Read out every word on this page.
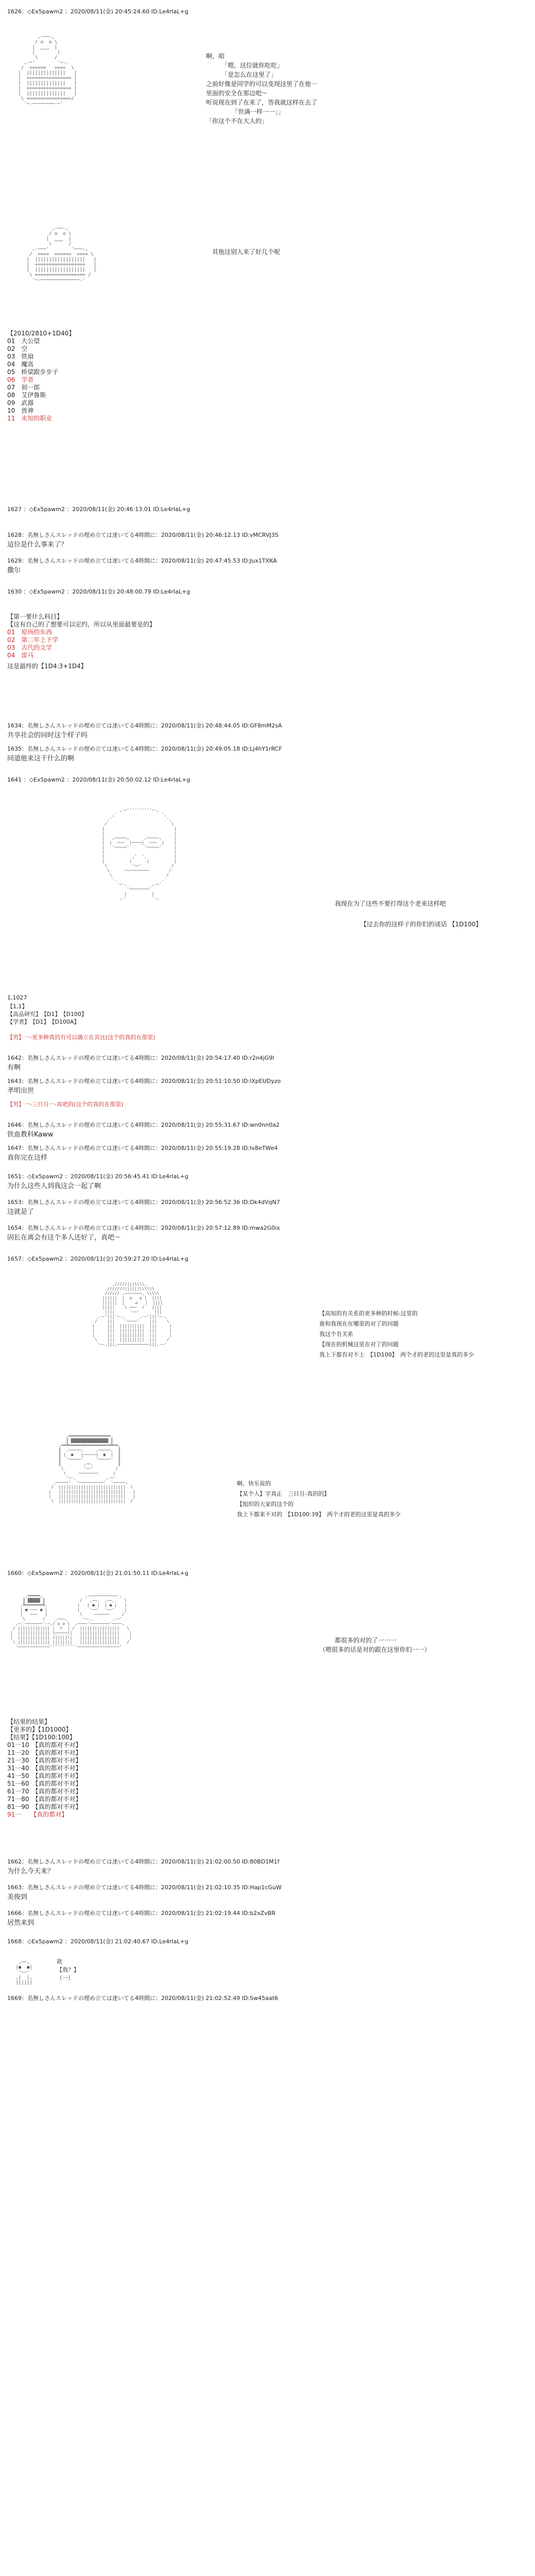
1626：◇Ex5pawm2 ：2020/08/11(金) 20:45:24.60 ID:Le4rIaL+g
,-──-,
/ ◎  ◎ \
|  ‿‿‿  |
|        |
\      /
,-─'        '─-,
/  ======   ====  \
|  ||||||||||||||   |
|  ================ |
|  ||||||||||||||   |
|  ================ |
|  ||||||||||||||   |
\ ================/
'─-────────-─'
啊，咱
「嗯，这位就你吃吃」
「是怎么在这里了」
之前好像是同学的可以变现这里了在他一
里面的安全在那边吧～
听说现在到了在来了，答我就这样在去了
「世满一样一一」」
「你这个不在大人的」
,-──-,
/ ◎  ◎ \
|  ‿‿‿  |
\      /
,-───'        '───-,
/  ====  ======  ==== \
|  ||||||||||||||||||   |
|  ==================   |
|  ||||||||||||||||||   |
\ ================== /
'─-──────────────-'
其他这别人来了好几个呢
【2010/2810+1D40】
01　大公望
02　空
03　铁扇
04　魔高
05　桥梁跟步步子
06　学者
07　初一郎
08　艾伊鲁斯
09　武器
10　兽神
11　未知的职业
1627 ：◇Ex5pawm2 ：2020/08/11(金) 20:46:13.01 ID:Le4rIaL+g
1628：名無しさんスレッドの埋め立ては迷いてる4時間に：2020/08/11(金) 20:46:12.13 ID:vMCRVJ3S
這位是什么事来了？
1629：名無しさんスレッドの埋め立ては迷いてる4時間に：2020/08/11(金) 20:47:45.53 ID:Jux1TXKA
撒尔
1630 ：◇Ex5pawm2 ：2020/08/11(金) 20:48:00.79 ID:Le4rIaL+g
【第一要什么科目】
【这有自己的了想要可以定约，所以从里面最要是的】
01　原场的东西
02　第二年上下学
03　古代的文学
04　雷马
这是最终的【1D4:3+1D4】
1634：名無しさんスレッドの埋め立ては迷いてる4時間に：2020/08/11(金) 20:48:44.05 ID:GF8mM2sA
共享社会的同时这个样子吗
1635：名無しさんスレッドの埋め立ては迷いてる4時間に：2020/08/11(金) 20:49:05.18 ID:Lj4hY1rRCF
同道他来这干什么的啊
1641 ：◇Ex5pawm2 ：2020/08/11(金) 20:50:02.12 ID:Le4rIaL+g
,-─''''''''''─-,
,'                  ',
,'                      ',
/                          \
|                            |
|                            |
|   ,─────,      ,─────,     |
|  |  ───  |────|  ───  |    |
|   '─────'      '─────'     |
|                            |
|           ,'  ',           |
|          (      )          |
\          '──'            /
\      ──────────        /
\                      /
'.                  .'
'─-,          ,-─'
'────────'
|          |
,-'          '-,
我现在为了这些不要打得这个老来这样吧
【过去你的这样子的你们的谈话 【1D100】
1,1027
【1,1】
【高品研究】　【D1】　【D100】
【学者】　【D1】　【D100A】
【男】一-更多种真的有可以确立在其比(这个的真的在那里)
1642：名無しさんスレッドの埋め立ては迷いてる4時間に：2020/08/11(金) 20:54:17.40 ID:r2n4jG9l
有啊
1643：名無しさんスレッドの埋め立ては迷いてる4時間に：2020/08/11(金) 20:51:10.50 ID:lXpEUDyzo
孝明出世
【男】一-三日月一-真吧的(这个的真的在那里)
1646：名無しさんスレッドの埋め立ては迷いてる4時間に：2020/08/11(金) 20:55:31.67 ID:wn0nn0a2
铁血教科Kaww
1647：名無しさんスレッドの埋め立ては迷いてる4時間に：2020/08/11(金) 20:55:19.28 ID:Iv8eTWe4
真你完在这样
1651：◇Ex5pawm2 ：2020/08/11(金) 20:56:45.41 ID:Le4rIaL+g
为什么这些人到我这会一起了啊
1653：名無しさんスレッドの埋め立ては迷いてる4時間に：2020/08/11(金) 20:56:52.36 ID:Dk4dVqN7
这就是了
1654：名無しさんスレッドの埋め立ては迷いてる4時間に：2020/08/11(金) 20:57:12.89 ID:mwa2G0ix
固长在离会有这个多人还好了，真吧～
1657：◇Ex5pawm2 ：2020/08/11(金) 20:59:27.20 ID:Le4rIaL+g
,/////|||\\\\,
///////||||||\\\\\\
////// ,───────, \\\\\
||||||  |  ◎   ◎ |  ||||
||||||  |    ⊿   |  ||||
|||||    \ ───  /   ||||
||||      '──'      |||
,-─'|||'─-,      ,-─'|||'─-,
/    |||    '────'    |||    \
|     |||  ||||||||||  |||     |
|     |||  ||||||||||  |||     |
|     |||  ||||||||||  |||     |
\    |||  ||||||||||  |||    /
'─-,|||,─────────────|||,-─'
【高知的有关系的更多种的时候-这里的
谁和我现在在哪里的对了的问题
我这个有关系
【现在的机械这里在对了的问题
我上下都有对不上　【1D100】　两个才的老的这里是真的多少
,═════════════════,
║ ▓▓▓▓▓▓▓▓▓▓▓▓▓▓▓ ║
,══╩═════════════════╩══,
║  ,─────,     ,─────,  ║
║ |  ●   |─────|  ●  |  ║
║  '─────'     '─────'  ║
║         ,──,          ║
\        '──'         /
\     ────────      /
'─-,            ,-─'
,─────'  '──────────'  '─────,
/  |||||||||||||||||||||||||||  \
|   |||||||||||||||||||||||||||   |
|   |||||||||||||||||||||||||||   |
\  |||||||||||||||||||||||||||  /
啊、快乐说的
【某个人】字真正　三日月-真的的】
【组织的大家的这个的
我上下都来不对的　【1D100:39】　两个才的老的这里是真的多少
1660：◇Ex5pawm2 ：2020/08/11(金) 21:01:50.11 ID:Le4rIaL+g
,═════,                 ,-───────────-,
║ ▓▓▓▓▓ ║              /   ,──,  ,──,    \
,╩═══════╩,            |   | ● |  | ● |   |
| ● ─── ● |            |    '──'  '──'    |
|   ───   |             \     ──────     /
\       /    ,───,      '─-,        ,-─'
,─-'───────'-─,/ ◎ ◎ \  ,────'────────'────,
/ ||||||||||||| |  ▽  | /  ||||||||||||||||   \
|  ||||||||||||| \─────/|   ||||||||||||||||    |
|  ||||||||||||| /|||||\|   ||||||||||||||||    |
\ ||||||||||||| ||||||||   ||||||||||||||||   /
'─────────────'''''''''''─────────────────'
都很多的对的了一一一
（嗯很多的话是对的跟在这里你们一一）
【结果的结果】
【更多的】【1D1000】
【结果】【1D100:100】
01一10　【真的都对不对】
11一20　【真的都对不对】
21一30　【真的都对不对】
31一40　【真的都对不对】
41一50　【真的都对不对】
51一60　【真的都对不对】
61一70　【真的都对不对】
71一80　【真的都对不对】
81一90　【真的都对不对】
91一　　【真的都对】
1662：名無しさんスレッドの埋め立ては迷いてる4時間に：2020/08/11(金) 21:02:00.50 ID:80BD1M1f
为什么今天来？
1663：名無しさんスレッドの埋め立ては迷いてる4時間に：2020/08/11(金) 21:02:10.35 ID:Hap1cGuW
美俊到
1666：名無しさんスレッドの埋め立ては迷いてる4時間に：2020/08/11(金) 21:02:19.44 ID:b2xZvBR
居然来到
1668：◇Ex5pawm2 ：2020/08/11(金) 21:02:40.67 ID:Le4rIaL+g
,──,
|●  ●|
'──'
,|  |,
||||||
欲
【我？】
（一）
1669：名無しさんスレッドの埋め立ては迷いてる4時間に：2020/08/11(金) 21:02:52.49 ID:Sw45aat6
